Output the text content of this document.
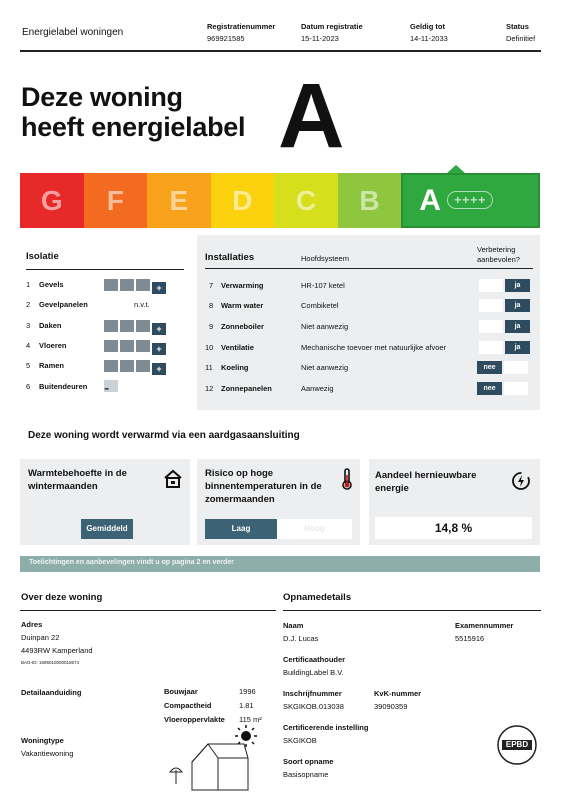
Energielabel woningen
Registratienummer
969921585
Datum registratie
15-11-2023
Geldig tot
14-11-2033
Status
Definitief
Deze woning
heeft energielabel A
G F E D C B A	++++
Isolatie
1 Gevels	+
2 Gevelpanelen	n.v.t.
3 Daken	+
4 Vloeren	+
5 Ramen	+
6 Buitendeuren -
Installaties	Hoofdsysteem
Verbetering aanbevolen?
7 Verwarming	HR-107 ketel	ja
8 Warm water	Combiketel	ja
9 Zonneboiler	Niet aanwezig	ja
10 Ventilatie	Mechanische toevoer met natuurlijke afvoer	ja
11 Koeling	Niet aanwezig	nee
12 Zonnepanelen	Aanwezig	nee
Deze woning wordt verwarmd via een aardgasaansluiting
Warmtebehoefte in de wintermaanden
Gemiddeld
Risico op hoge binnentemperaturen in de zomermaanden
Laag	Hoog
Aandeel hernieuwbare energie
14,8 %
Toelichtingen en aanbevelingen vindt u op pagina 2 en verder
Over deze woning
Adres
Duinpan 22
4493RW Kamperland
BAG-ID: 1695010000015674
Detailaanduiding	Bouwjaar	1996
Compactheid	1.81
Vloeroppervlakte 115 m²
Woningtype
Vakantiewoning
Opnamedetails
Naam
D.J. Lucas
Examennummer
5515916
Certificaathouder
BuildingLabel B.V.
Inschrijfnummer
SKGIKOB.013038
KvK-nummer
39090359
Certificerende instelling
SKGIKOB
Soort opname
Basisopname
EPBD
